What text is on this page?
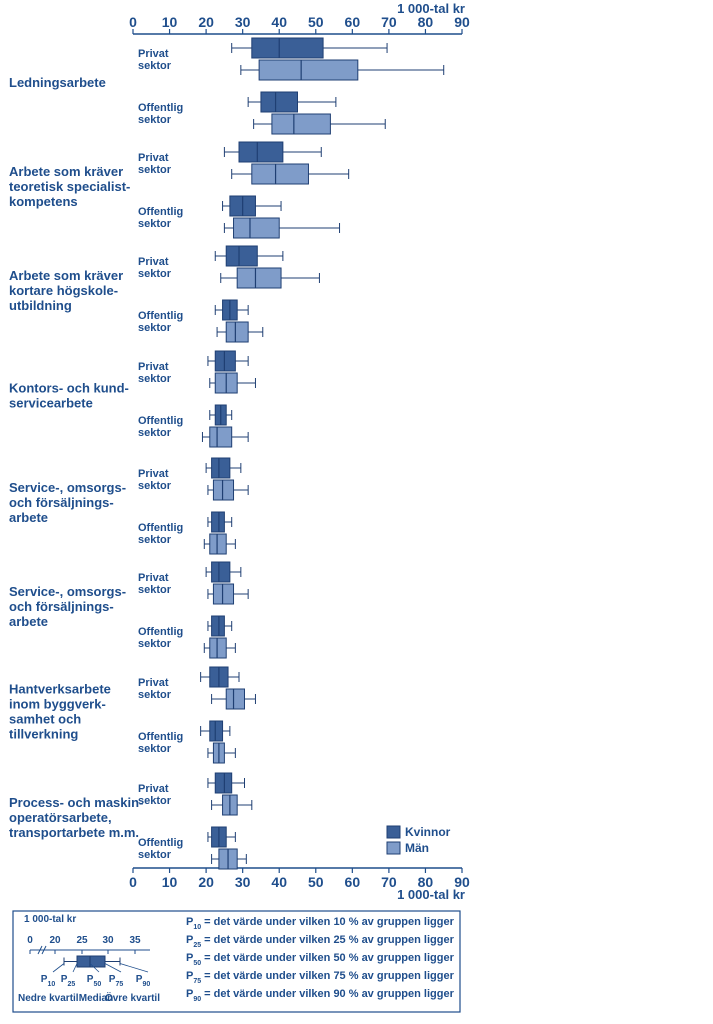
0 10 20 30 40 50 60 70 80 90
0 10 20 30 40 50 60 70 80 90
1 000-tal kr
1 000-tal kr
Ledningsarbete
Privat
sektor
Offentlig
sektor
Arbete som kräver
teoretisk specialist-
kompetens
Privat
sektor
Offentlig
sektor
Arbete som kräver
kortare högskole-
utbildning
Privat
sektor
Offentlig
sektor
Kontors- och kund-
servicearbete
Privat
sektor
Offentlig
sektor
Service-, omsorgs-
och försäljnings-
arbete
Privat
sektor
Offentlig
sektor
Service-, omsorgs-
och försäljnings-
arbete
Privat
sektor
Offentlig
sektor
Hantverksarbete
inom byggverk-
samhet och
tillverkning
Privat
sektor
Offentlig
sektor
Process- och maskin-
operatörsarbete,
transportarbete m.m.
Privat
sektor
Offentlig
sektor
Kvinnor
Män
1 000-tal kr
0 20 25 30 35
$P_{10}$ $P_{25}$ $P_{50}$ $P_{75}$ $P_{90}$
Nedre kvartil Median
Övre kvartil
$P_{10} = \det$ värde under vilken 10 % av gruppen ligger
$P_{25} = \det$ värde under vilken 25 % av gruppen ligger
$P_{50} = \det$ värde under vilken 50 % av gruppen ligger
$P_{75} = \det$ värde under vilken 75 % av gruppen ligger
$P_{90} = \det$ värde under vilken 90 % av gruppen ligger
